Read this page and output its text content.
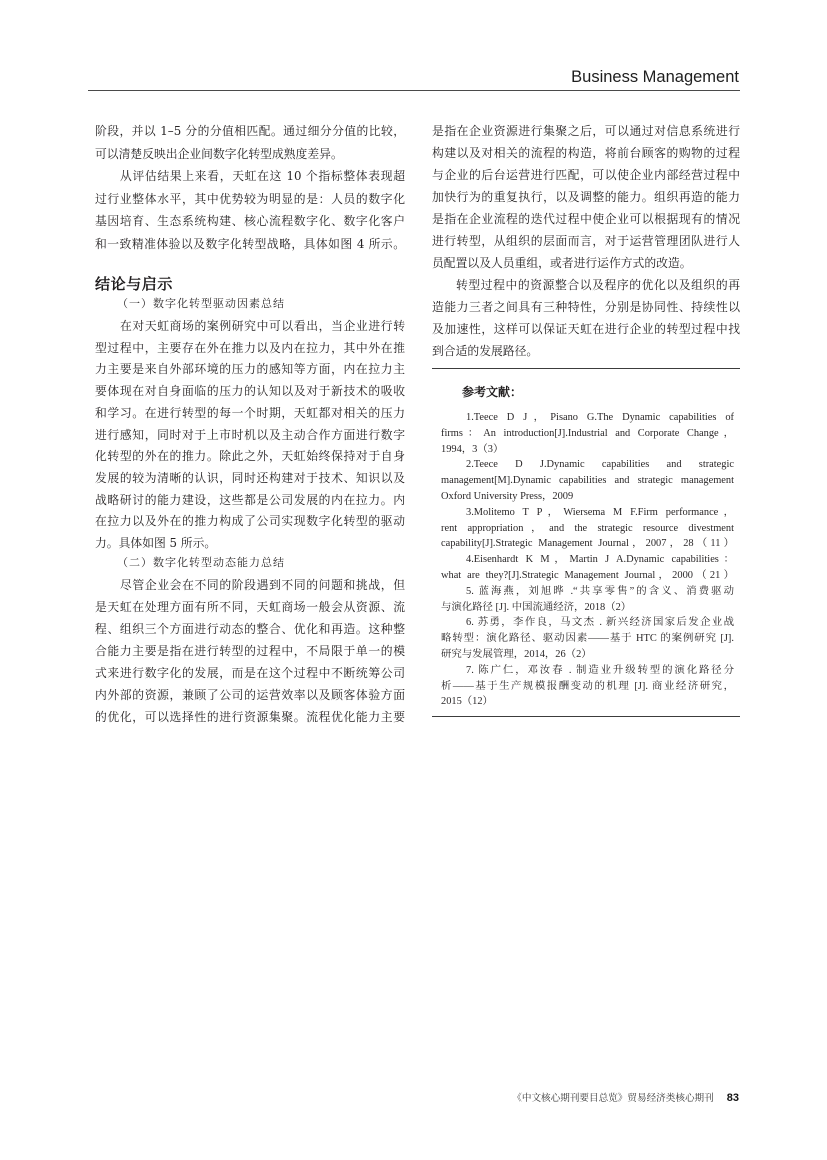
Business Management
阶段，并以 1–5 分的分值相匹配。通过细分分值的比较，
可以清楚反映出企业间数字化转型成熟度差异。
从评估结果上来看，天虹在这 10 个指标整体表现超
过行业整体水平，其中优势较为明显的是：人员的数字化
基因培育、生态系统构建、核心流程数字化、数字化客户
和一致精准体验以及数字化转型战略，具体如图 4 所示。
结论与启示
（一）数字化转型驱动因素总结
在对天虹商场的案例研究中可以看出，当企业进行转
型过程中，主要存在外在推力以及内在拉力，其中外在推
力主要是来自外部环境的压力的感知等方面，内在拉力主
要体现在对自身面临的压力的认知以及对于新技术的吸收
和学习。在进行转型的每一个时期，天虹都对相关的压力
进行感知，同时对于上市时机以及主动合作方面进行数字
化转型的外在的推力。除此之外，天虹始终保持对于自身
发展的较为清晰的认识，同时还构建对于技术、知识以及
战略研讨的能力建设，这些都是公司发展的内在拉力。内
在拉力以及外在的推力构成了公司实现数字化转型的驱动
力。具体如图 5 所示。
（二）数字化转型动态能力总结
尽管企业会在不同的阶段遇到不同的问题和挑战，但
是天虹在处理方面有所不同，天虹商场一般会从资源、流
程、组织三个方面进行动态的整合、优化和再造。这种整
合能力主要是指在进行转型的过程中，不局限于单一的模
式来进行数字化的发展，而是在这个过程中不断统筹公司
内外部的资源，兼顾了公司的运营效率以及顾客体验方面
的优化，可以选择性的进行资源集聚。流程优化能力主要
是指在企业资源进行集聚之后，可以通过对信息系统进行
构建以及对相关的流程的构造，将前台顾客的购物的过程
与企业的后台运营进行匹配，可以使企业内部经营过程中
加快行为的重复执行，以及调整的能力。组织再造的能力
是指在企业流程的迭代过程中使企业可以根据现有的情况
进行转型，从组织的层面而言，对于运营管理团队进行人
员配置以及人员重组，或者进行运作方式的改造。
转型过程中的资源整合以及程序的优化以及组织的再
造能力三者之间具有三种特性，分别是协同性、持续性以
及加速性，这样可以保证天虹在进行企业的转型过程中找
到合适的发展路径。
参考文献：
1.Teece D J，Pisano G.The Dynamic capabilities of
firms：An introduction[J].Industrial and Corporate Change，
1994，3（3）
2.Teece D J.Dynamic capabilities and strategic
management[M].Dynamic capabilities and strategic management
Oxford University Press，2009
3.Molitemo T P，Wiersema M F.Firm performance，
rent appropriation，and the strategic resource divestment
capability[J].Strategic Management Journal，2007，28（11）
4.Eisenhardt K M，Martin J A.Dynamic capabilities：
what are they?[J].Strategic Management Journal，2000（21）
5. 蓝海燕，刘旭晔 .“共享零售”的含义、消费驱动
与演化路径 [J]. 中国流通经济，2018（2）
6. 苏勇，李作良，马文杰 . 新兴经济国家后发企业战
略转型：演化路径、驱动因素——基于 HTC 的案例研究 [J].
研究与发展管理，2014，26（2）
7. 陈广仁，邓汝春 . 制造业升级转型的演化路径分
析——基于生产规模报酬变动的机理 [J]. 商业经济研究，
2015（12）
《中文核心期刊要目总览》贸易经济类核心期刊 83
